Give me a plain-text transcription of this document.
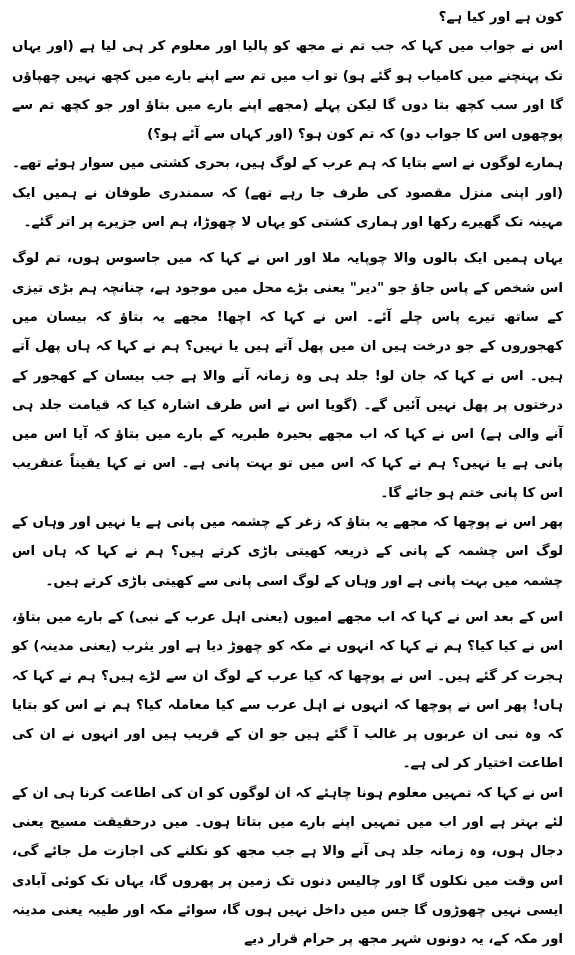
کون ہے اور کیا ہے؟

اس نے جواب میں کہا کہ جب تم نے مجھ کو پالیا اور معلوم کر ہی لیا ہے (اور یہاں تک پہنچنے میں کامیاب ہو گئے ہو) تو اب میں تم سے اپنے بارے میں کچھ نہیں چھپاؤں گا اور سب کچھ بتا دوں گا لیکن پہلے (مجھے اپنے بارے میں بتاؤ اور جو کچھ تم سے پوچھوں اس کا جواب دو) کہ تم کون ہو؟ (اور کہاں سے آئے ہو؟)

ہمارے لوگوں نے اسے بتایا کہ ہم عرب کے لوگ ہیں، بحری کشتی میں سوار ہوئے تھے۔ (اور اپنی منزل مقصود کی طرف جا رہے تھے) کہ سمندری طوفان نے ہمیں ایک مہینہ تک گھیرے رکھا اور ہماری کشتی کو یہاں لا چھوڑا، ہم اس جزیرے پر اتر گئے۔

یہاں ہمیں ایک بالوں والا چوپایہ ملا اور اس نے کہا کہ میں جاسوس ہوں، تم لوگ اس شخص کے پاس جاؤ جو "دیر" یعنی بڑے محل میں موجود ہے، چنانچہ ہم بڑی تیزی کے ساتھ تیرے پاس چلے آئے۔ اس نے کہا کہ اچھا! مجھے یہ بتاؤ کہ بیسان میں کھجوروں کے جو درخت ہیں ان میں پھل آتے ہیں یا نہیں؟ ہم نے کہا کہ ہاں پھل آتے ہیں۔ اس نے کہا کہ جان لو! جلد ہی وہ زمانہ آنے والا ہے جب بیسان کے کھجور کے درختوں پر پھل نہیں آئیں گے۔ (گویا اس نے اس طرف اشارہ کیا کہ قیامت جلد ہی آنے والی ہے) اس نے کہا کہ اب مجھے بحیرہ طبریہ کے بارے میں بتاؤ کہ آیا اس میں پانی ہے یا نہیں؟ ہم نے کہا کہ اس میں تو بہت پانی ہے۔ اس نے کہا یقیناً عنقریب اس کا پانی ختم ہو جائے گا۔

پھر اس نے پوچھا کہ مجھے یہ بتاؤ کہ زغر کے چشمہ میں پانی ہے یا نہیں اور وہاں کے لوگ اس چشمہ کے پانی کے ذریعہ کھیتی باڑی کرتے ہیں؟ ہم نے کہا کہ ہاں اس چشمہ میں بہت پانی ہے اور وہاں کے لوگ اسی پانی سے کھیتی باڑی کرتے ہیں۔

اس کے بعد اس نے کہا کہ اب مجھے امیوں (یعنی اہل عرب کے نبی) کے بارے میں بتاؤ، اس نے کیا کیا؟ ہم نے کہا کہ انہوں نے مکہ کو چھوڑ دیا ہے اور یثرب (یعنی مدینہ) کو ہجرت کر گئے ہیں۔ اس نے پوچھا کہ کیا عرب کے لوگ ان سے لڑے ہیں؟ ہم نے کہا کہ ہاں! پھر اس نے پوچھا کہ انہوں نے اہل عرب سے کیا معاملہ کیا؟ ہم نے اس کو بتایا کہ وہ نبی ان عربوں پر غالب آ گئے ہیں جو ان کے قریب ہیں اور انہوں نے ان کی اطاعت اختیار کر لی ہے۔

اس نے کہا کہ تمہیں معلوم ہونا چاہئے کہ ان لوگوں کو ان کی اطاعت کرنا ہی ان کے لئے بہتر ہے اور اب میں تمہیں اپنے بارے میں بتاتا ہوں۔ میں درحقیقت مسیح یعنی دجال ہوں، وہ زمانہ جلد ہی آنے والا ہے جب مجھ کو نکلنے کی اجازت مل جائے گی، اس وقت میں نکلوں گا اور چالیس دنوں تک زمین پر پھروں گا، یہاں تک کوئی آبادی ایسی نہیں چھوڑوں گا جس میں داخل نہیں ہوں گا، سوائے مکہ اور طیبہ یعنی مدینہ اور مکہ کے، یہ دونوں شہر مجھ پر حرام قرار دیے
